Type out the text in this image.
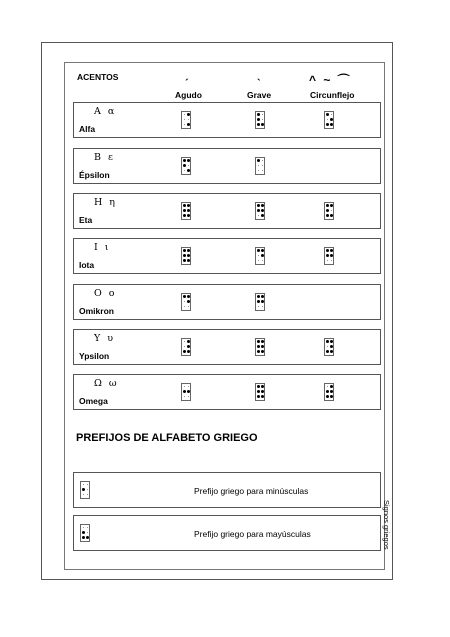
ACENTOS
´	`	^ ~ ⌒
Agudo	Grave	Circunflejo
Α α
Alfa
Β ε
Épsilon
Η η
Eta
Ι ι
Iota
Ο ο
Omikron
Υ υ
Ypsilon
Ω ω
Omega
PREFIJOS DE ALFABETO GRIEGO
Prefijo griego para minúsculas
Prefijo griego para mayúsculas	Signos griegos
